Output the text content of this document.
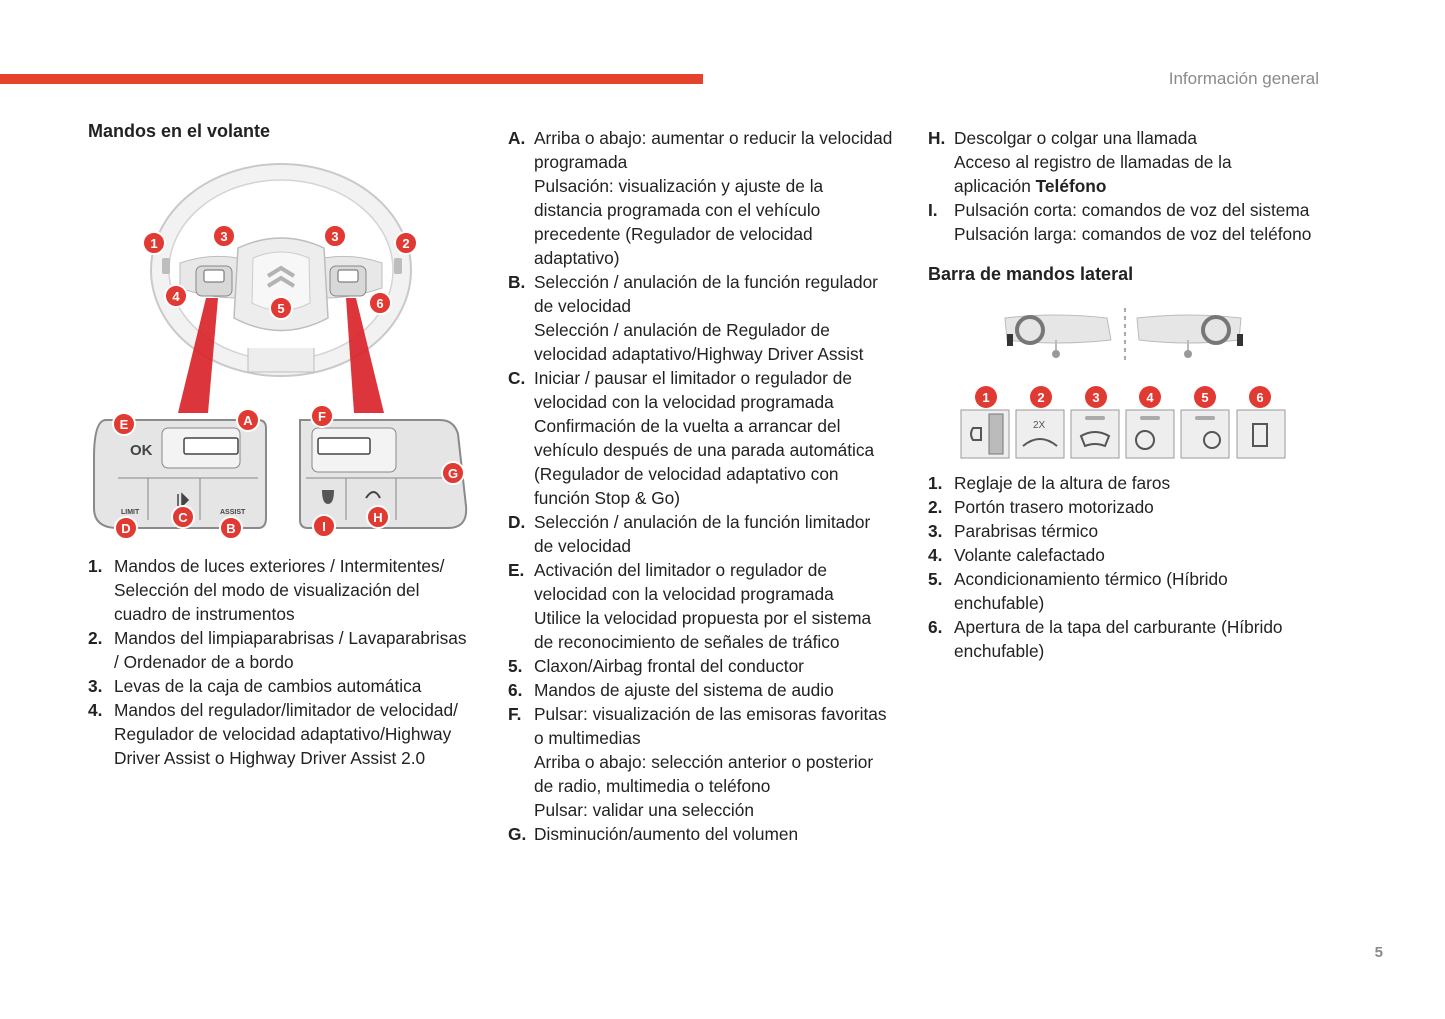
Información general
5
Mandos en el volante
OK
LIMIT	ASSIST
1	2
3	3
4
5	6
A
B
C
D
E
F
G
H
I
1. Mandos de luces exteriores / Intermitentes/
Selección del modo de visualización del
cuadro de instrumentos
2. Mandos del limpiaparabrisas / Lavaparabrisas
/ Ordenador de a bordo
3. Levas de la caja de cambios automática
4. Mandos del regulador/limitador de velocidad/
Regulador de velocidad adaptativo/Highway
Driver Assist o Highway Driver Assist 2.0
A. Arriba o abajo: aumentar o reducir la velocidad
programada
Pulsación: visualización y ajuste de la
distancia programada con el vehículo
precedente (Regulador de velocidad
adaptativo)
B. Selección / anulación de la función regulador
de velocidad
Selección / anulación de Regulador de
velocidad adaptativo/Highway Driver Assist
C. Iniciar / pausar el limitador o regulador de
velocidad con la velocidad programada
Confirmación de la vuelta a arrancar del
vehículo después de una parada automática
(Regulador de velocidad adaptativo con
función Stop & Go)
D. Selección / anulación de la función limitador
de velocidad
E. Activación del limitador o regulador de
velocidad con la velocidad programada
Utilice la velocidad propuesta por el sistema
de reconocimiento de señales de tráfico
5. Claxon/Airbag frontal del conductor
6. Mandos de ajuste del sistema de audio
F. Pulsar: visualización de las emisoras favoritas
o multimedias
Arriba o abajo: selección anterior o posterior
de radio, multimedia o teléfono
Pulsar: validar una selección
G. Disminución/aumento del volumen
H. Descolgar o colgar una llamada
Acceso al registro de llamadas de la
aplicación Teléfono
I. Pulsación corta: comandos de voz del sistema
Pulsación larga: comandos de voz del teléfono
Barra de mandos lateral
2X
1	2	3	4	5	6
1. Reglaje de la altura de faros
2. Portón trasero motorizado
3. Parabrisas térmico
4. Volante calefactado
5. Acondicionamiento térmico (Híbrido
enchufable)
6. Apertura de la tapa del carburante (Híbrido
enchufable)
